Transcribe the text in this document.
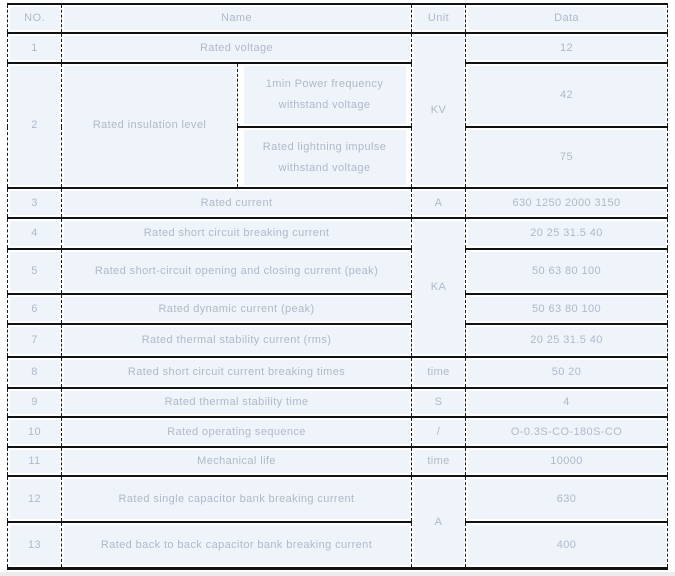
NO.	Name		Unit	Data
1	Rated voltage		KV	12
2	Rated insulation level	1min Power frequency withstand voltage		42
		Rated lightning impulse withstand voltage		75
3	Rated current		A	630 1250 2000 3150
4	Rated short circuit breaking current		KA	20 25 31.5 40
5	Rated short-circuit opening and closing current (peak)			50 63 80 100
6	Rated dynamic current (peak)			50 63 80 100
7	Rated thermal stability current (rms)			20 25 31.5 40
8	Rated short circuit current breaking times		time	50 20
9	Rated thermal stability time		S	4
10	Rated operating sequence		/	O-0.3S-CO-180S-CO
11	Mechanical life		time	10000
12	Rated single capacitor bank breaking current		A	630
13	Rated back to back capacitor bank breaking current			400
